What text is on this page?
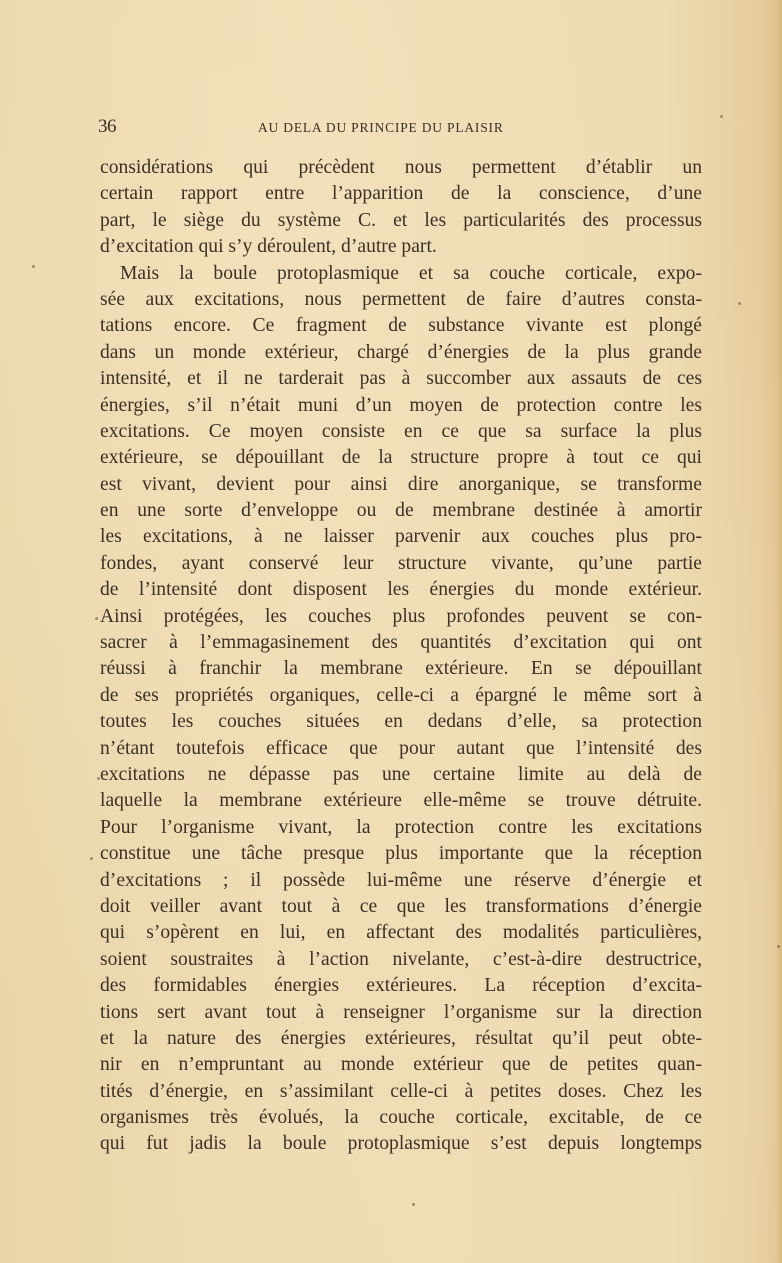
36	AU DELA DU PRINCIPE DU PLAISIR
considérations qui précèdent nous permettent d’établir un
certain rapport entre l’apparition de la conscience, d’une
part, le siège du système C. et les particularités des processus
d’excitation qui s’y déroulent, d’autre part.
Mais la boule protoplasmique et sa couche corticale, expo-
sée aux excitations, nous permettent de faire d’autres consta-
tations encore. Ce fragment de substance vivante est plongé
dans un monde extérieur, chargé d’énergies de la plus grande
intensité, et il ne tarderait pas à succomber aux assauts de ces
énergies, s’il n’était muni d’un moyen de protection contre les
excitations. Ce moyen consiste en ce que sa surface la plus
extérieure, se dépouillant de la structure propre à tout ce qui
est vivant, devient pour ainsi dire anorganique, se transforme
en une sorte d’enveloppe ou de membrane destinée à amortir
les excitations, à ne laisser parvenir aux couches plus pro-
fondes, ayant conservé leur structure vivante, qu’une partie
de l’intensité dont disposent les énergies du monde extérieur.
Ainsi protégées, les couches plus profondes peuvent se con-
sacrer à l’emmagasinement des quantités d’excitation qui ont
réussi à franchir la membrane extérieure. En se dépouillant
de ses propriétés organiques, celle-ci a épargné le même sort à
toutes les couches situées en dedans d’elle, sa protection
n’étant toutefois efficace que pour autant que l’intensité des
excitations ne dépasse pas une certaine limite au delà de
laquelle la membrane extérieure elle-même se trouve détruite.
Pour l’organisme vivant, la protection contre les excitations
constitue une tâche presque plus importante que la réception
d’excitations ; il possède lui-même une réserve d’énergie et
doit veiller avant tout à ce que les transformations d’énergie
qui s’opèrent en lui, en affectant des modalités particulières,
soient soustraites à l’action nivelante, c’est-à-dire destructrice,
des formidables énergies extérieures. La réception d’excita-
tions sert avant tout à renseigner l’organisme sur la direction
et la nature des énergies extérieures, résultat qu’il peut obte-
nir en n’empruntant au monde extérieur que de petites quan-
tités d’énergie, en s’assimilant celle-ci à petites doses. Chez les
organismes très évolués, la couche corticale, excitable, de ce
qui fut jadis la boule protoplasmique s’est depuis longtemps
